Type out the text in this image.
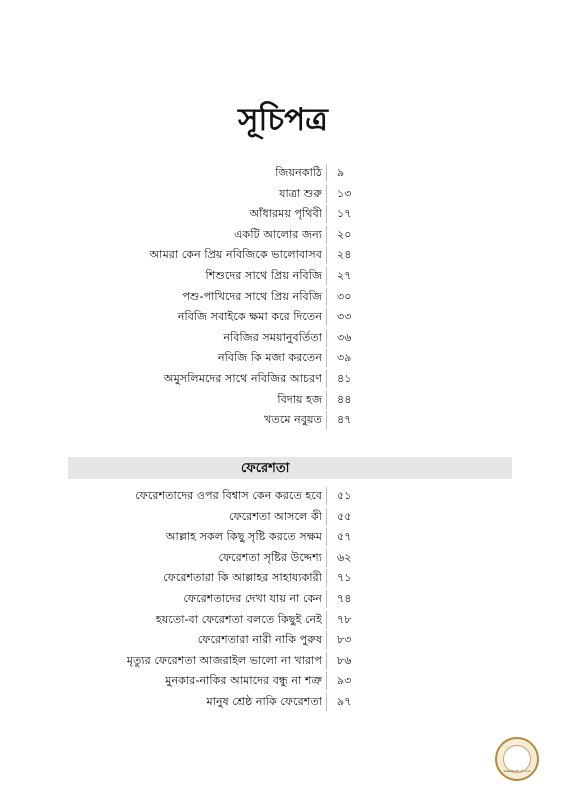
সূচিপত্র
জিয়নকাঠি ৯
যাত্রা শুরু ১৩
আঁধারময় পৃথিবী ১৭
একটি আলোর জন্য ২০
আমরা কেন প্রিয় নবিজিকে ভালোবাসব ২৪
শিশুদের সাথে প্রিয় নবিজি ২৭
পশু-পাখিদের সাথে প্রিয় নবিজি ৩০
নবিজি সবাইকে ক্ষমা করে দিতেন ৩৩
নবিজির সময়ানুবর্তিতা ৩৬
নবিজি কি মজা করতেন ৩৯
অমুসলিমদের সাথে নবিজির আচরণ ৪১
বিদায় হজ ৪৪
খতমে নবুয়ত ৪৭
ফেরেশতা
ফেরেশতাদের ওপর বিশ্বাস কেন করতে হবে ৫১
ফেরেশতা আসলে কী ৫৫
আল্লাহ সকল কিছু সৃষ্টি করতে সক্ষম ৫৭
ফেরেশতা সৃষ্টির উদ্দেশ্য ৬২
ফেরেশতারা কি আল্লাহর সাহায্যকারী ৭১
ফেরেশতাদের দেখা যায় না কেন ৭৪
হয়তো-বা ফেরেশতা বলতে কিছুই নেই ৭৮
ফেরেশতারা নারী নাকি পুরুষ ৮৩
মৃত্যুর ফেরেশতা আজরাইল ভালো না খারাপ ৮৬
মুনকার-নাকির আমাদের বন্ধু না শত্রু ৯৩
মানুষ শ্রেষ্ঠ নাকি ফেরেশতা ৯৭
www.BoiBuzz.com
